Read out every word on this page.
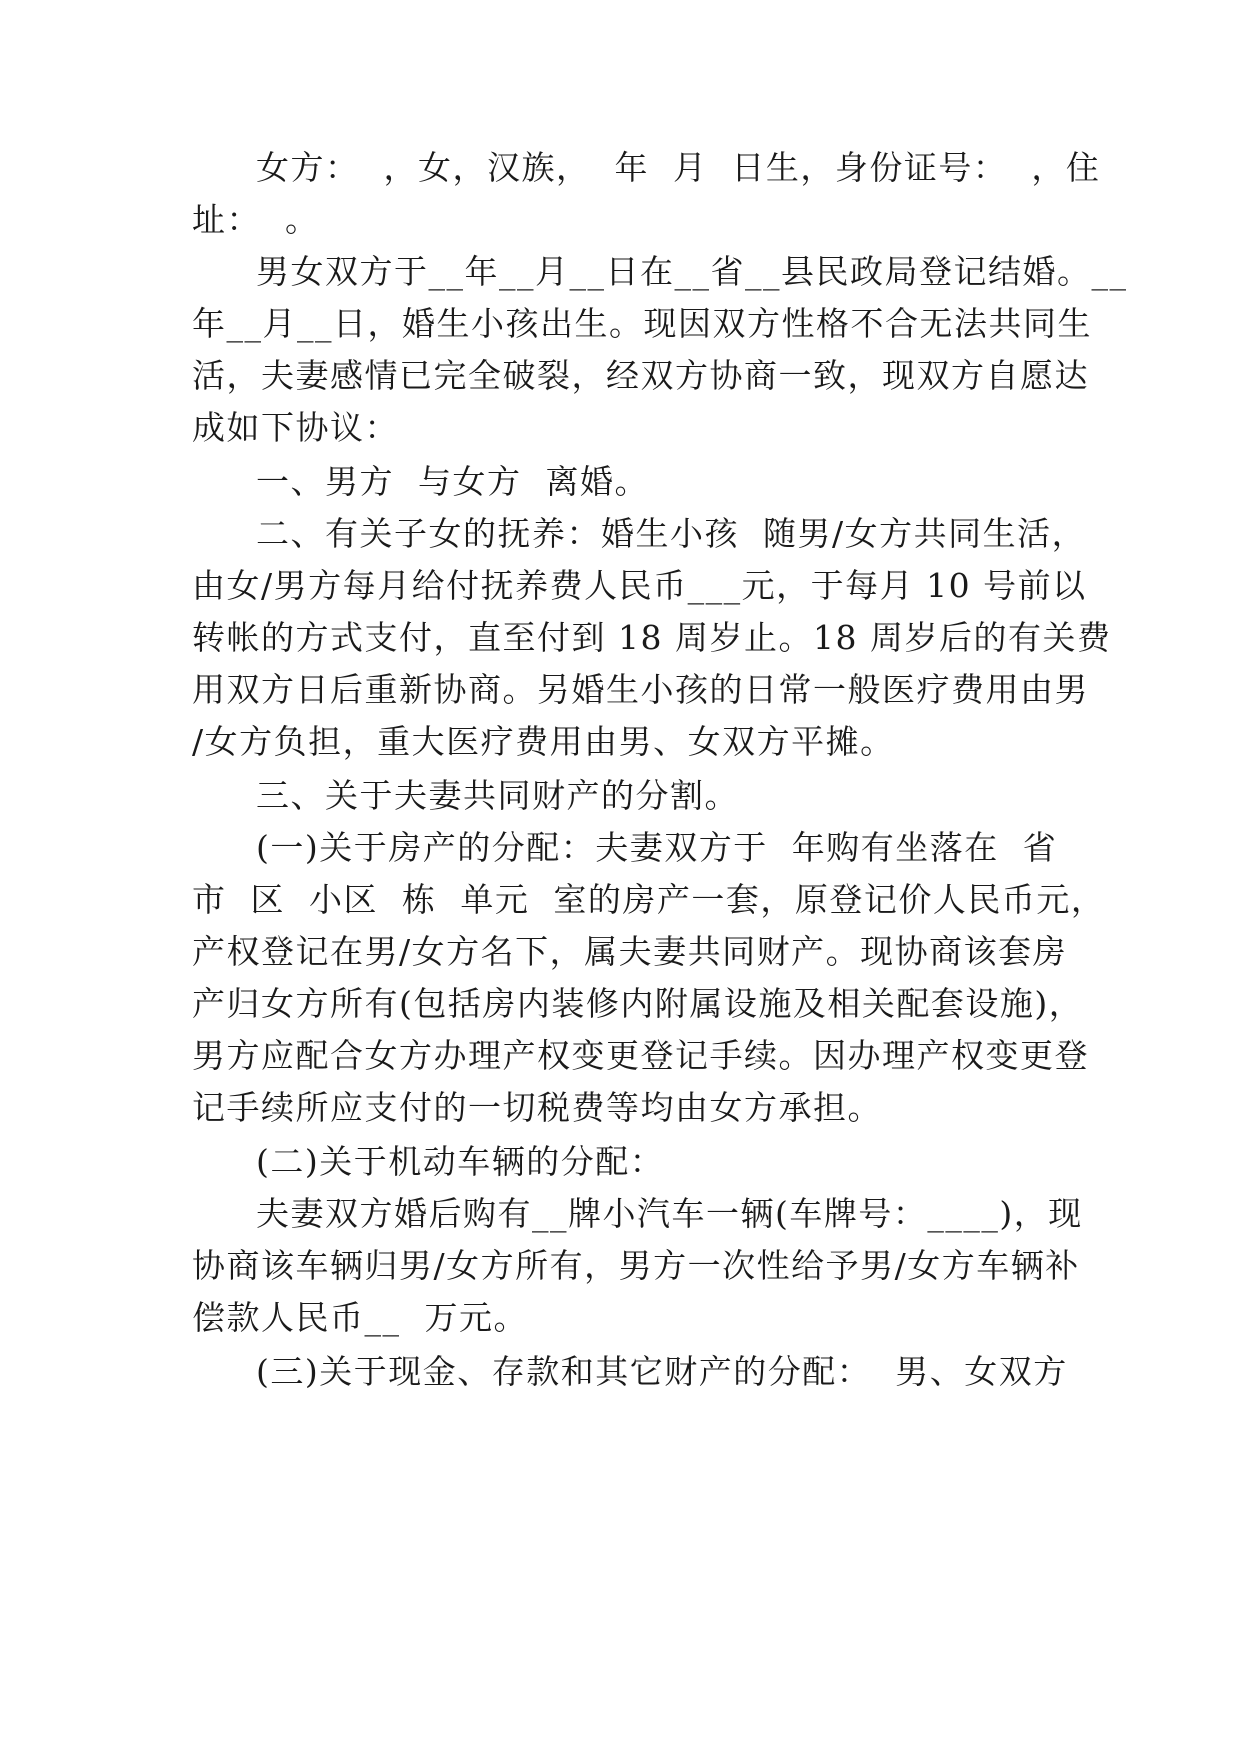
女方：  ，女，汉族，  年  月  日生，身份证号：  ，住
址：  。
男女双方于__年__月__日在__省__县民政局登记结婚。__
年__月__日，婚生小孩出生。现因双方性格不合无法共同生
活，夫妻感情已完全破裂，经双方协商一致，现双方自愿达
成如下协议：
一、男方  与女方  离婚。
二、有关子女的抚养：婚生小孩  随男/女方共同生活，
由女/男方每月给付抚养费人民币___元，于每月 10 号前以
转帐的方式支付，直至付到 18 周岁止。18 周岁后的有关费
用双方日后重新协商。另婚生小孩的日常一般医疗费用由男
/女方负担，重大医疗费用由男、女双方平摊。
三、关于夫妻共同财产的分割。
(一)关于房产的分配：夫妻双方于  年购有坐落在  省
市  区  小区  栋  单元  室的房产一套，原登记价人民币元，
产权登记在男/女方名下，属夫妻共同财产。现协商该套房
产归女方所有(包括房内装修内附属设施及相关配套设施)，
男方应配合女方办理产权变更登记手续。因办理产权变更登
记手续所应支付的一切税费等均由女方承担。
(二)关于机动车辆的分配：
夫妻双方婚后购有__牌小汽车一辆(车牌号：____)，现
协商该车辆归男/女方所有，男方一次性给予男/女方车辆补
偿款人民币__  万元。
(三)关于现金、存款和其它财产的分配：  男、女双方
